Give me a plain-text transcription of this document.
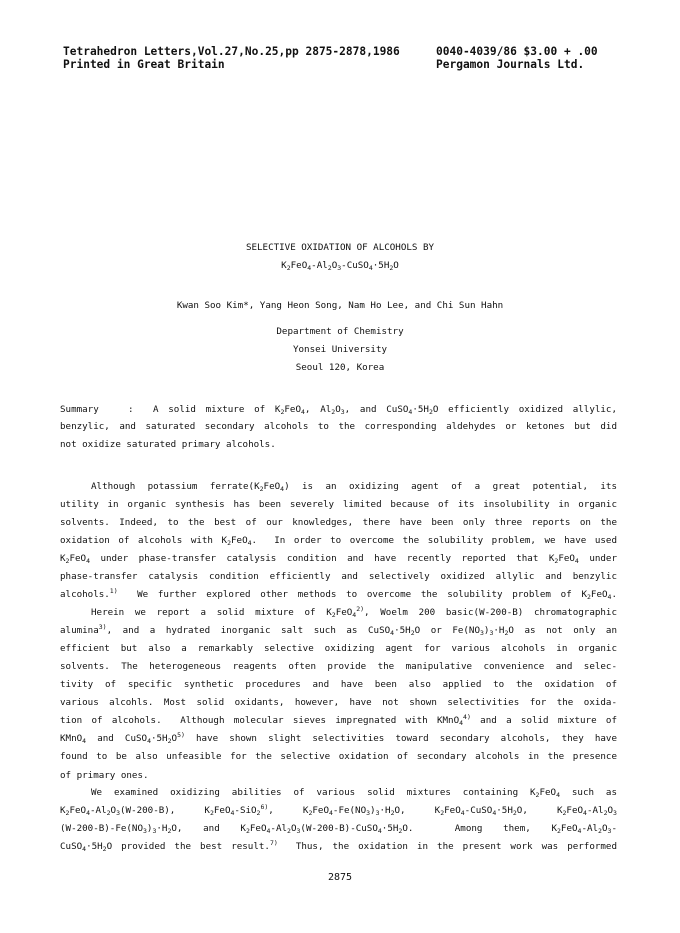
Tetrahedron Letters,Vol.27,No.25,pp 2875-2878,1986
Printed in Great Britain
0040-4039/86 $3.00 + .00
Pergamon Journals Ltd.
SELECTIVE OXIDATION OF ALCOHOLS BY
$K_2FeO_4-Al_2O_3-CuSO_4\cdot 5H_2O$
Kwan Soo Kim*, Yang Heon Song, Nam Ho Lee, and Chi Sun Hahn
Department of Chemistry
Yonsei University
Seoul 120, Korea
Summary   :  A solid mixture of $K_2FeO_4$, $Al_2O_3$, and $CuSO_4\cdot 5H_2O$ efficiently oxidized allylic,
benzylic, and saturated secondary alcohols to the corresponding aldehydes or ketones but did
not oxidize saturated primary alcohols.
Although potassium $ferrate(K_2FeO_4)$ is an oxidizing agent of a great potential, its
utility in organic synthesis has been severely limited because of its insolubility in organic
solvents. Indeed, to the best of our knowledges, there have been only three reports on the
oxidation of alcohols with $K_2FeO_4$.  In order to overcome the solubility problem, we have used
$K_2FeO_4$ under phase-transfer catalysis condition and have recently reported that $K_2FeO_4$ under
phase-transfer catalysis condition efficiently and selectively oxidized allylic and benzylic
alcohols.$^{1)}$  We further explored other methods to overcome the solubility problem of $K_2FeO_4$.
Herein we report a solid mixture of $K_2FeO_4^{2)}$, Woelm 200 basic(W-200-B) chromatographic
alumina$^{3)}$, and a hydrated inorganic salt such as $CuSO_4\cdot 5H_2O$ or $Fe(NO_3)_3\cdot H_2O$ as not only an
efficient but also a remarkably selective oxidizing agent for various alcohols in organic
solvents. The heterogeneous reagents often provide the manipulative convenience and selec-
tivity of specific synthetic procedures and have been also applied to the oxidation of
various alcohls. Most solid oxidants, however, have not shown selectivities for the oxida-
tion of alcohols.  Although molecular sieves impregnated with KMnO$_4^{4)}$ and a solid mixture of
KMnO$_4$ and $CuSO_4\cdot 5H_2O^{5)}$ have shown slight selectivities toward secondary alcohols, they have
found to be also unfeasible for the selective oxidation of secondary alcohols in the presence
of primary ones.
We examined oxidizing abilities of various solid mixtures containing $K_2FeO_4$ such as
$K_2FeO_4-Al_2O_3(W-200-B)$, $K_2FeO_4-SiO_2^{6)}$, $K_2FeO_4-Fe(NO_3)_3\cdot H_2O$, $K_2FeO_4-CuSO_4\cdot 5H_2O$, $K_2FeO_4-Al_2O_3$
$(W-200-B)-Fe(NO_3)_3\cdot H_2O$, and $K_2FeO_4-Al_2O_3(W-200-B)-CuSO_4\cdot 5H_2O$.  Among them, $K_2FeO_4-Al_2O_3-$
$CuSO_4\cdot 5H_2O$ provided the best result.$^{7)}$  Thus, the oxidation in the present work was performed
2875
